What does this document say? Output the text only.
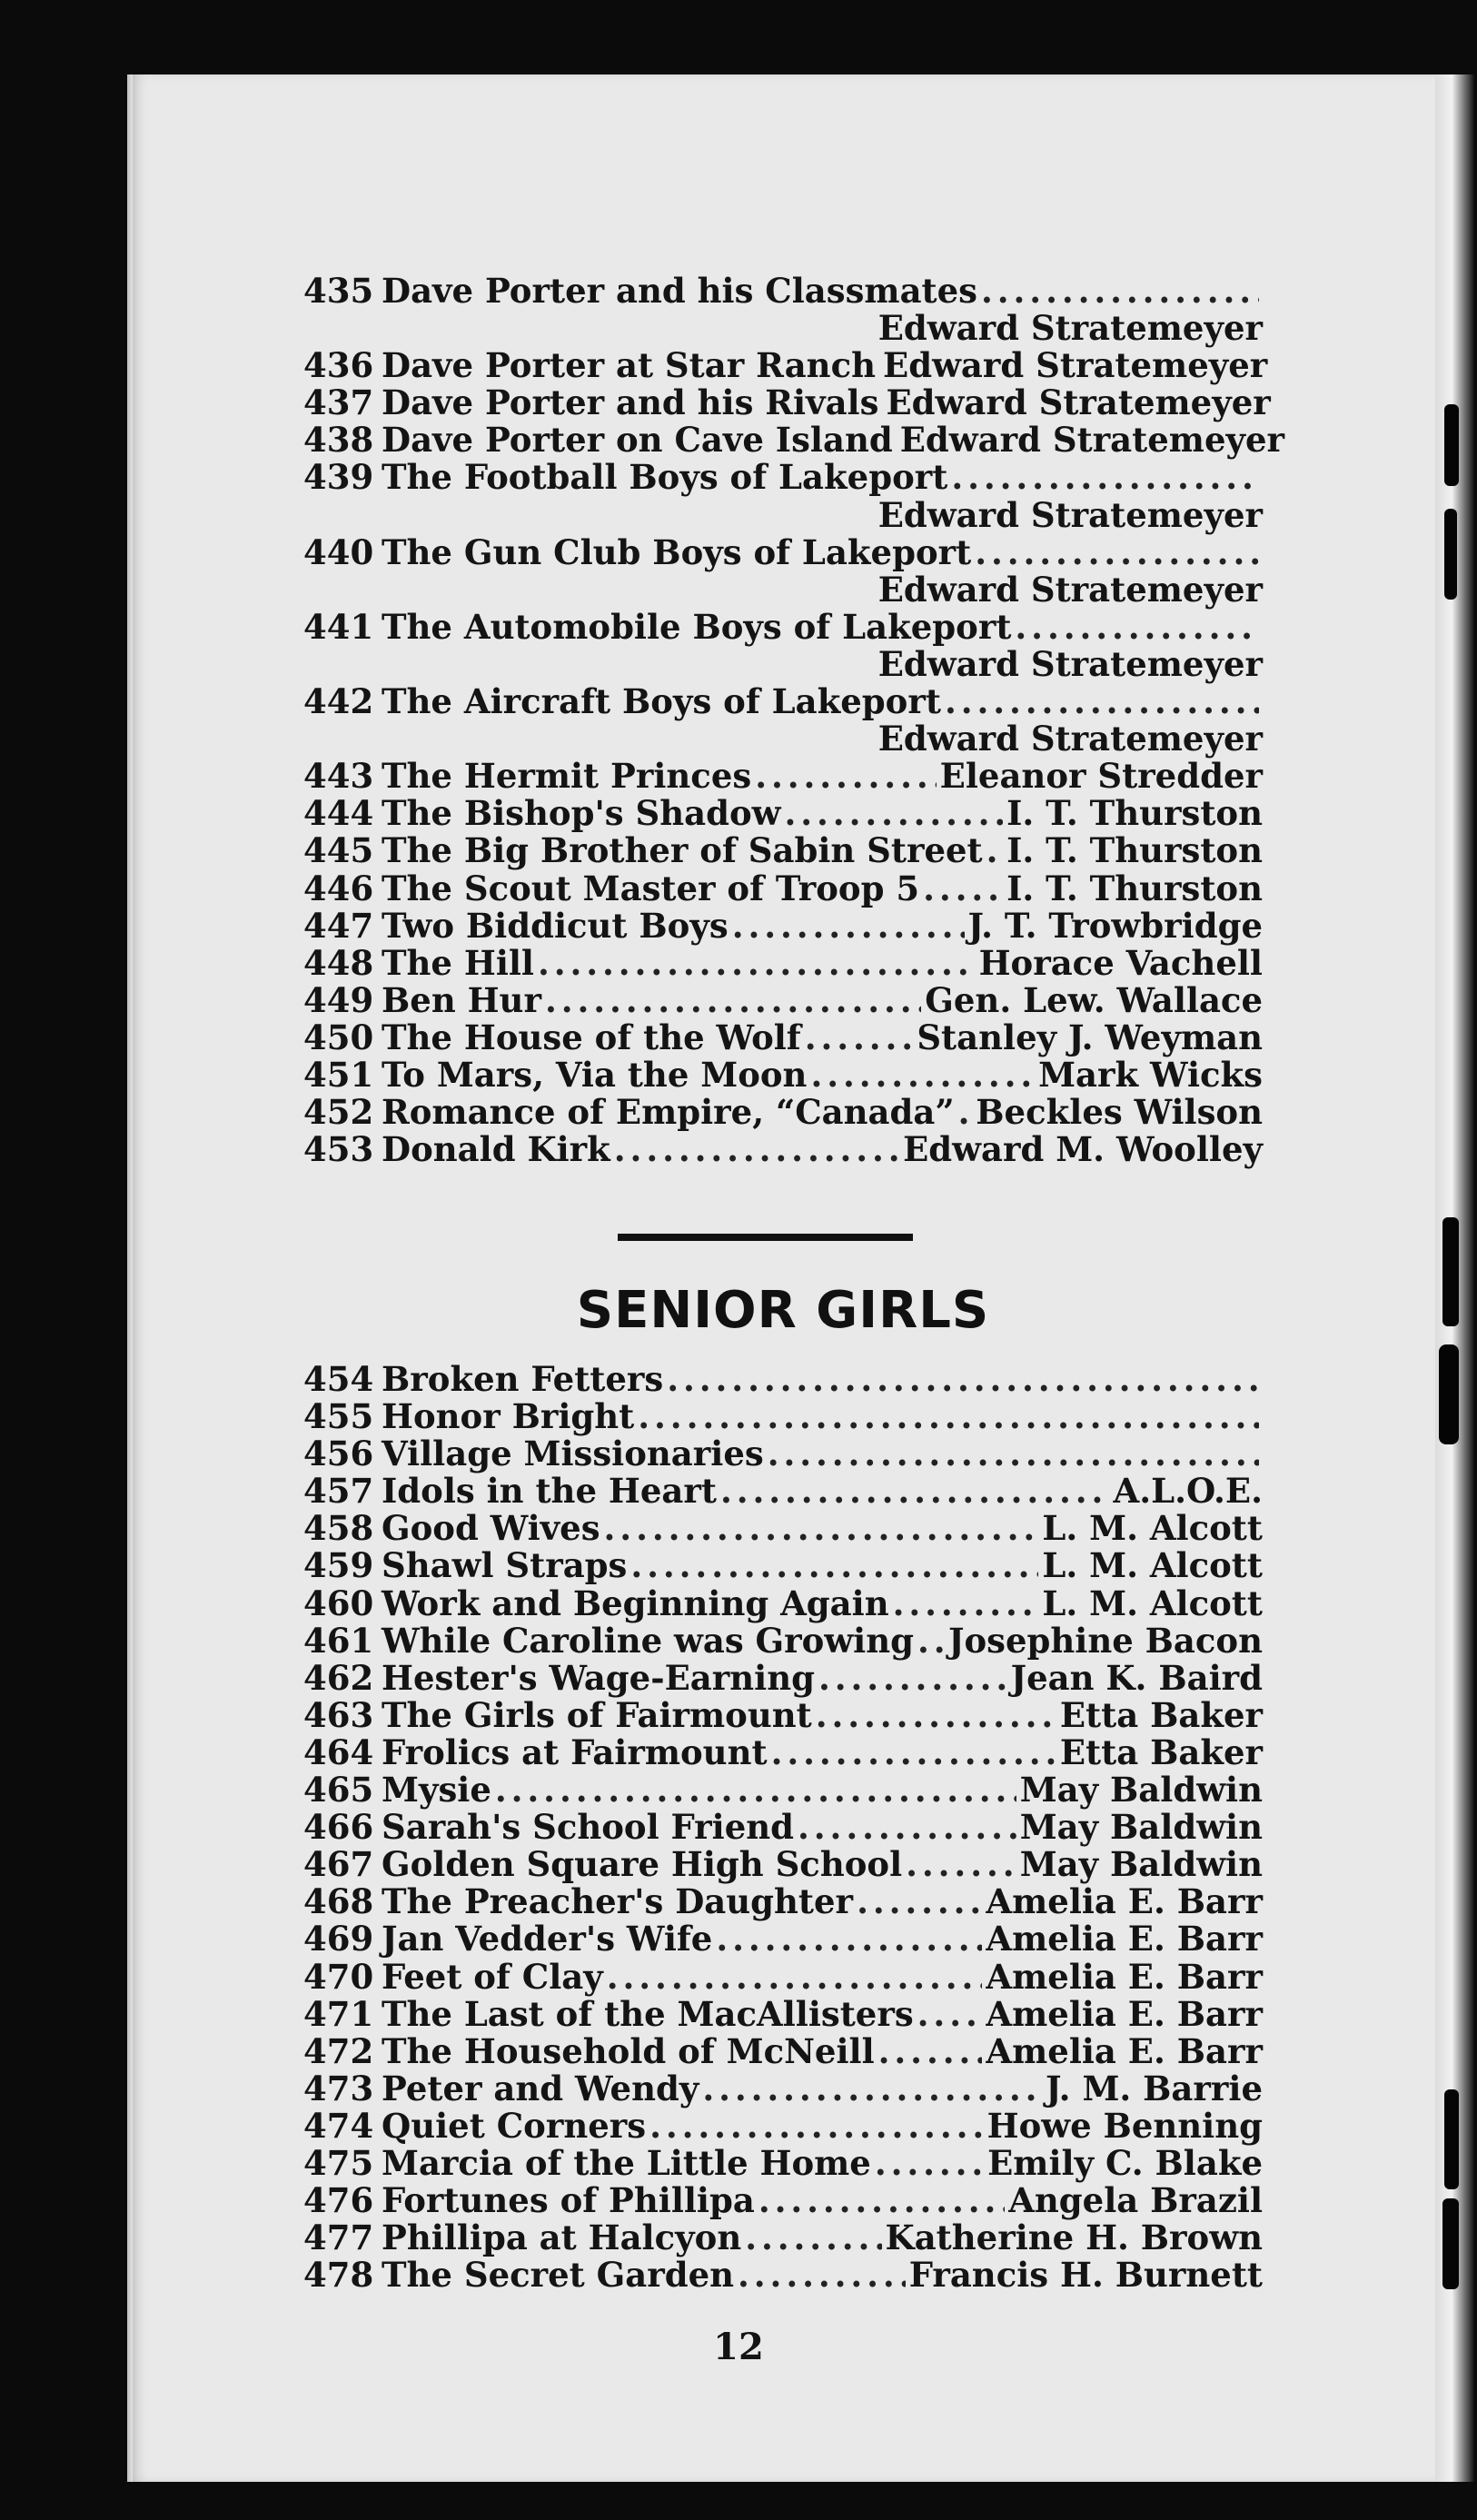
435 Dave Porter and his Classmates
. . .
Edward Stratemeyer
436 Dave Porter at Star Ranch Edward Stratemeyer
437 Dave Porter and his Rivals Edward Stratemeyer
438 Dave Porter on Cave Island Edward Stratemeyer
439 The Football Boys of Lakeport
. . .
Edward Stratemeyer
440 The Gun Club Boys of Lakeport
. . .
Edward Stratemeyer
441 The Automobile Boys of Lakeport
. . .
Edward Stratemeyer
442 The Aircraft Boys of Lakeport
. . .
Edward Stratemeyer
443 The Hermit Princes . . .	Eleanor Stredder
444 The Bishop's Shadow . . .	I. T. Thurston
445 The Big Brother of Sabin Street . . . I. T. Thurston
446 The Scout Master of Troop 5 . . .	I. T. Thurston
447 Two Biddicut Boys . . .	J. T. Trowbridge
448 The Hill . . .	Horace Vachell
449 Ben Hur . . .	Gen. Lew. Wallace
450 The House of the Wolf . . .	Stanley J. Weyman
451 To Mars, Via the Moon . . .	Mark Wicks
452 Romance of Empire, “Canada” . . . Beckles Wilson
453 Donald Kirk . . .	Edward M. Woolley
SENIOR GIRLS
454 Broken Fetters
. . .
455 Honor Bright
. . .
456 Village Missionaries
. . .
457 Idols in the Heart . . .	A.L.O.E.
458 Good Wives . . .	L. M. Alcott
459 Shawl Straps . . .	L. M. Alcott
460 Work and Beginning Again . . .	L. M. Alcott
461 While Caroline was Growing . . . Josephine Bacon
462 Hester's Wage-Earning . . .	Jean K. Baird
463 The Girls of Fairmount . . .	Etta Baker
464 Frolics at Fairmount . . .	Etta Baker
465 Mysie . . .	May Baldwin
466 Sarah's School Friend . . .	May Baldwin
467 Golden Square High School . . .	May Baldwin
468 The Preacher's Daughter . . .	Amelia E. Barr
469 Jan Vedder's Wife . . .	Amelia E. Barr
470 Feet of Clay . . .	Amelia E. Barr
471 The Last of the MacAllisters . . . Amelia E. Barr
472 The Household of McNeill . . .	Amelia E. Barr
473 Peter and Wendy . . .	J. M. Barrie
474 Quiet Corners . . .	Howe Benning
475 Marcia of the Little Home . . .	Emily C. Blake
476 Fortunes of Phillipa . . .	Angela Brazil
477 Phillipa at Halcyon . . .	Katherine H. Brown
478 The Secret Garden . . .	Francis H. Burnett
12
